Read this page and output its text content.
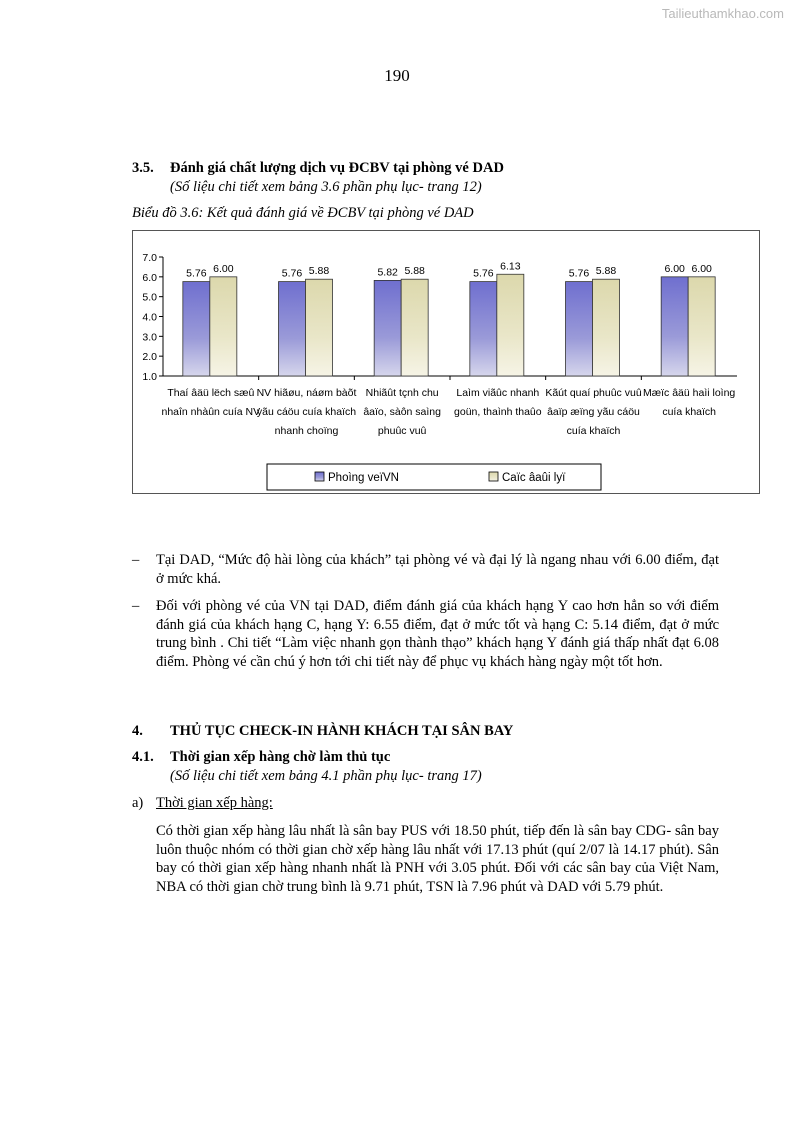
Tailieuthamkhao.com
190
3.5. Đánh giá chất lượng dịch vụ ĐCBV tại phòng vé DAD
(Số liệu chi tiết xem bảng 3.6 phần phụ lục- trang 12)
Biểu đồ 3.6: Kết quả đánh giá về ĐCBV tại phòng vé DAD
1.0
2.0
3.0
4.0
5.0
6.0
7.0
5.76 6.00
Thaí âäü lëch sæû
nhaîn nhàûn cuía NV
5.76 5.88
NV hiãøu, náøm bàõt
yãu cáöu cuía khaïch
nhanh choïng
5.82 5.88
Nhiãût tçnh chu
âaïo, sàôn saìng
phuûc vuû
5.76
6.13
Laìm viãûc nhanh
goün, thaình thaûo
5.76 5.88
Kãút quaí phuûc vuû
âaïp æïng yãu cáöu
cuía khaïch
6.00 6.00
Mæïc âäü haìi loìng
cuía khaïch
Phoìng veïVN	Caïc âaûi lyï
– Tại DAD, “Mức độ hài lòng của khách” tại phòng vé và đại lý là ngang nhau với 6.00 điểm, đạt ở mức khá.
– Đối với phòng vé của VN tại DAD, điểm đánh giá của khách hạng Y cao hơn hẳn so với điểm đánh giá của khách hạng C, hạng Y: 6.55 điểm, đạt ở mức tốt và hạng C: 5.14 điểm, đạt ở mức trung bình . Chi tiết “Làm việc nhanh gọn thành thạo” khách hạng Y đánh giá thấp nhất đạt 6.08 điểm. Phòng vé cần chú ý hơn tới chi tiết này để phục vụ khách hàng ngày một tốt hơn.
4. THỦ TỤC CHECK-IN HÀNH KHÁCH TẠI SÂN BAY
4.1. Thời gian xếp hàng chờ làm thủ tục
(Số liệu chi tiết xem bảng 4.1 phần phụ lục- trang 17)
a) Thời gian xếp hàng:
Có thời gian xếp hàng lâu nhất là sân bay PUS với 18.50 phút, tiếp đến là sân bay CDG- sân bay luôn thuộc nhóm có thời gian chờ xếp hàng lâu nhất với 17.13 phút (quí 2/07 là 14.17 phút). Sân bay có thời gian xếp hàng nhanh nhất là PNH với 3.05 phút. Đối với các sân bay của Việt Nam, NBA có thời gian chờ trung bình là 9.71 phút, TSN là 7.96 phút và DAD với 5.79 phút.
